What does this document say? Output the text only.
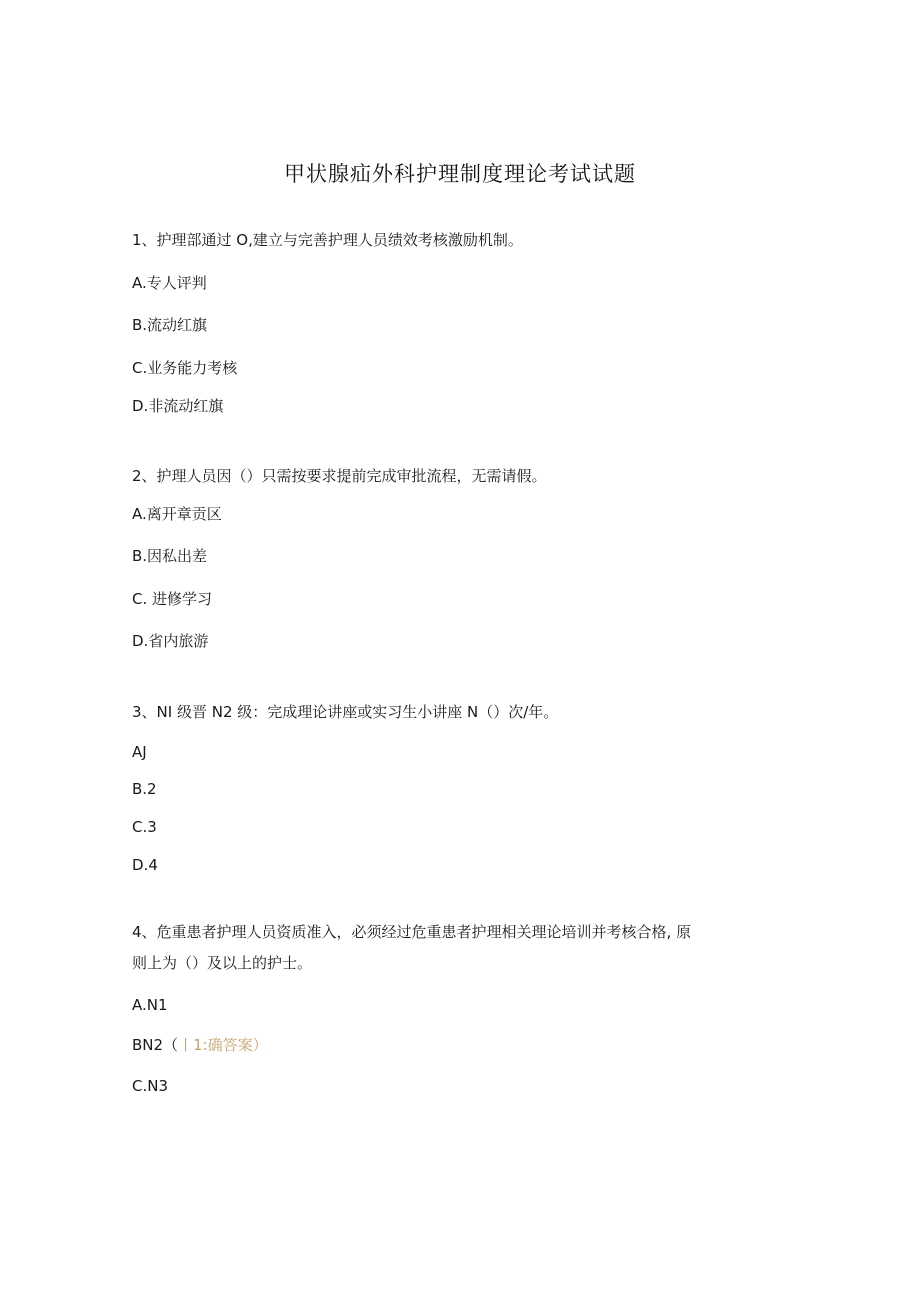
甲状腺疝外科护理制度理论考试试题
1、护理部通过 O,建立与完善护理人员绩效考核激励机制。
A.专人评判
B.流动红旗
C.业务能力考核
D.非流动红旗
2、护理人员因（）只需按要求提前完成审批流程，无需请假。
A.离开章贡区
B.因私出差
C. 进修学习
D.省内旅游
3、NI 级晋 N2 级：完成理论讲座或实习生小讲座 N（）次/年。
AJ
B.2
C.3
D.4
4、危重患者护理人员资质准入，必须经过危重患者护理相关理论培训并考核合格, 原
则上为（）及以上的护士。
A.N1
BN2（丨1:确答案）
C.N3
